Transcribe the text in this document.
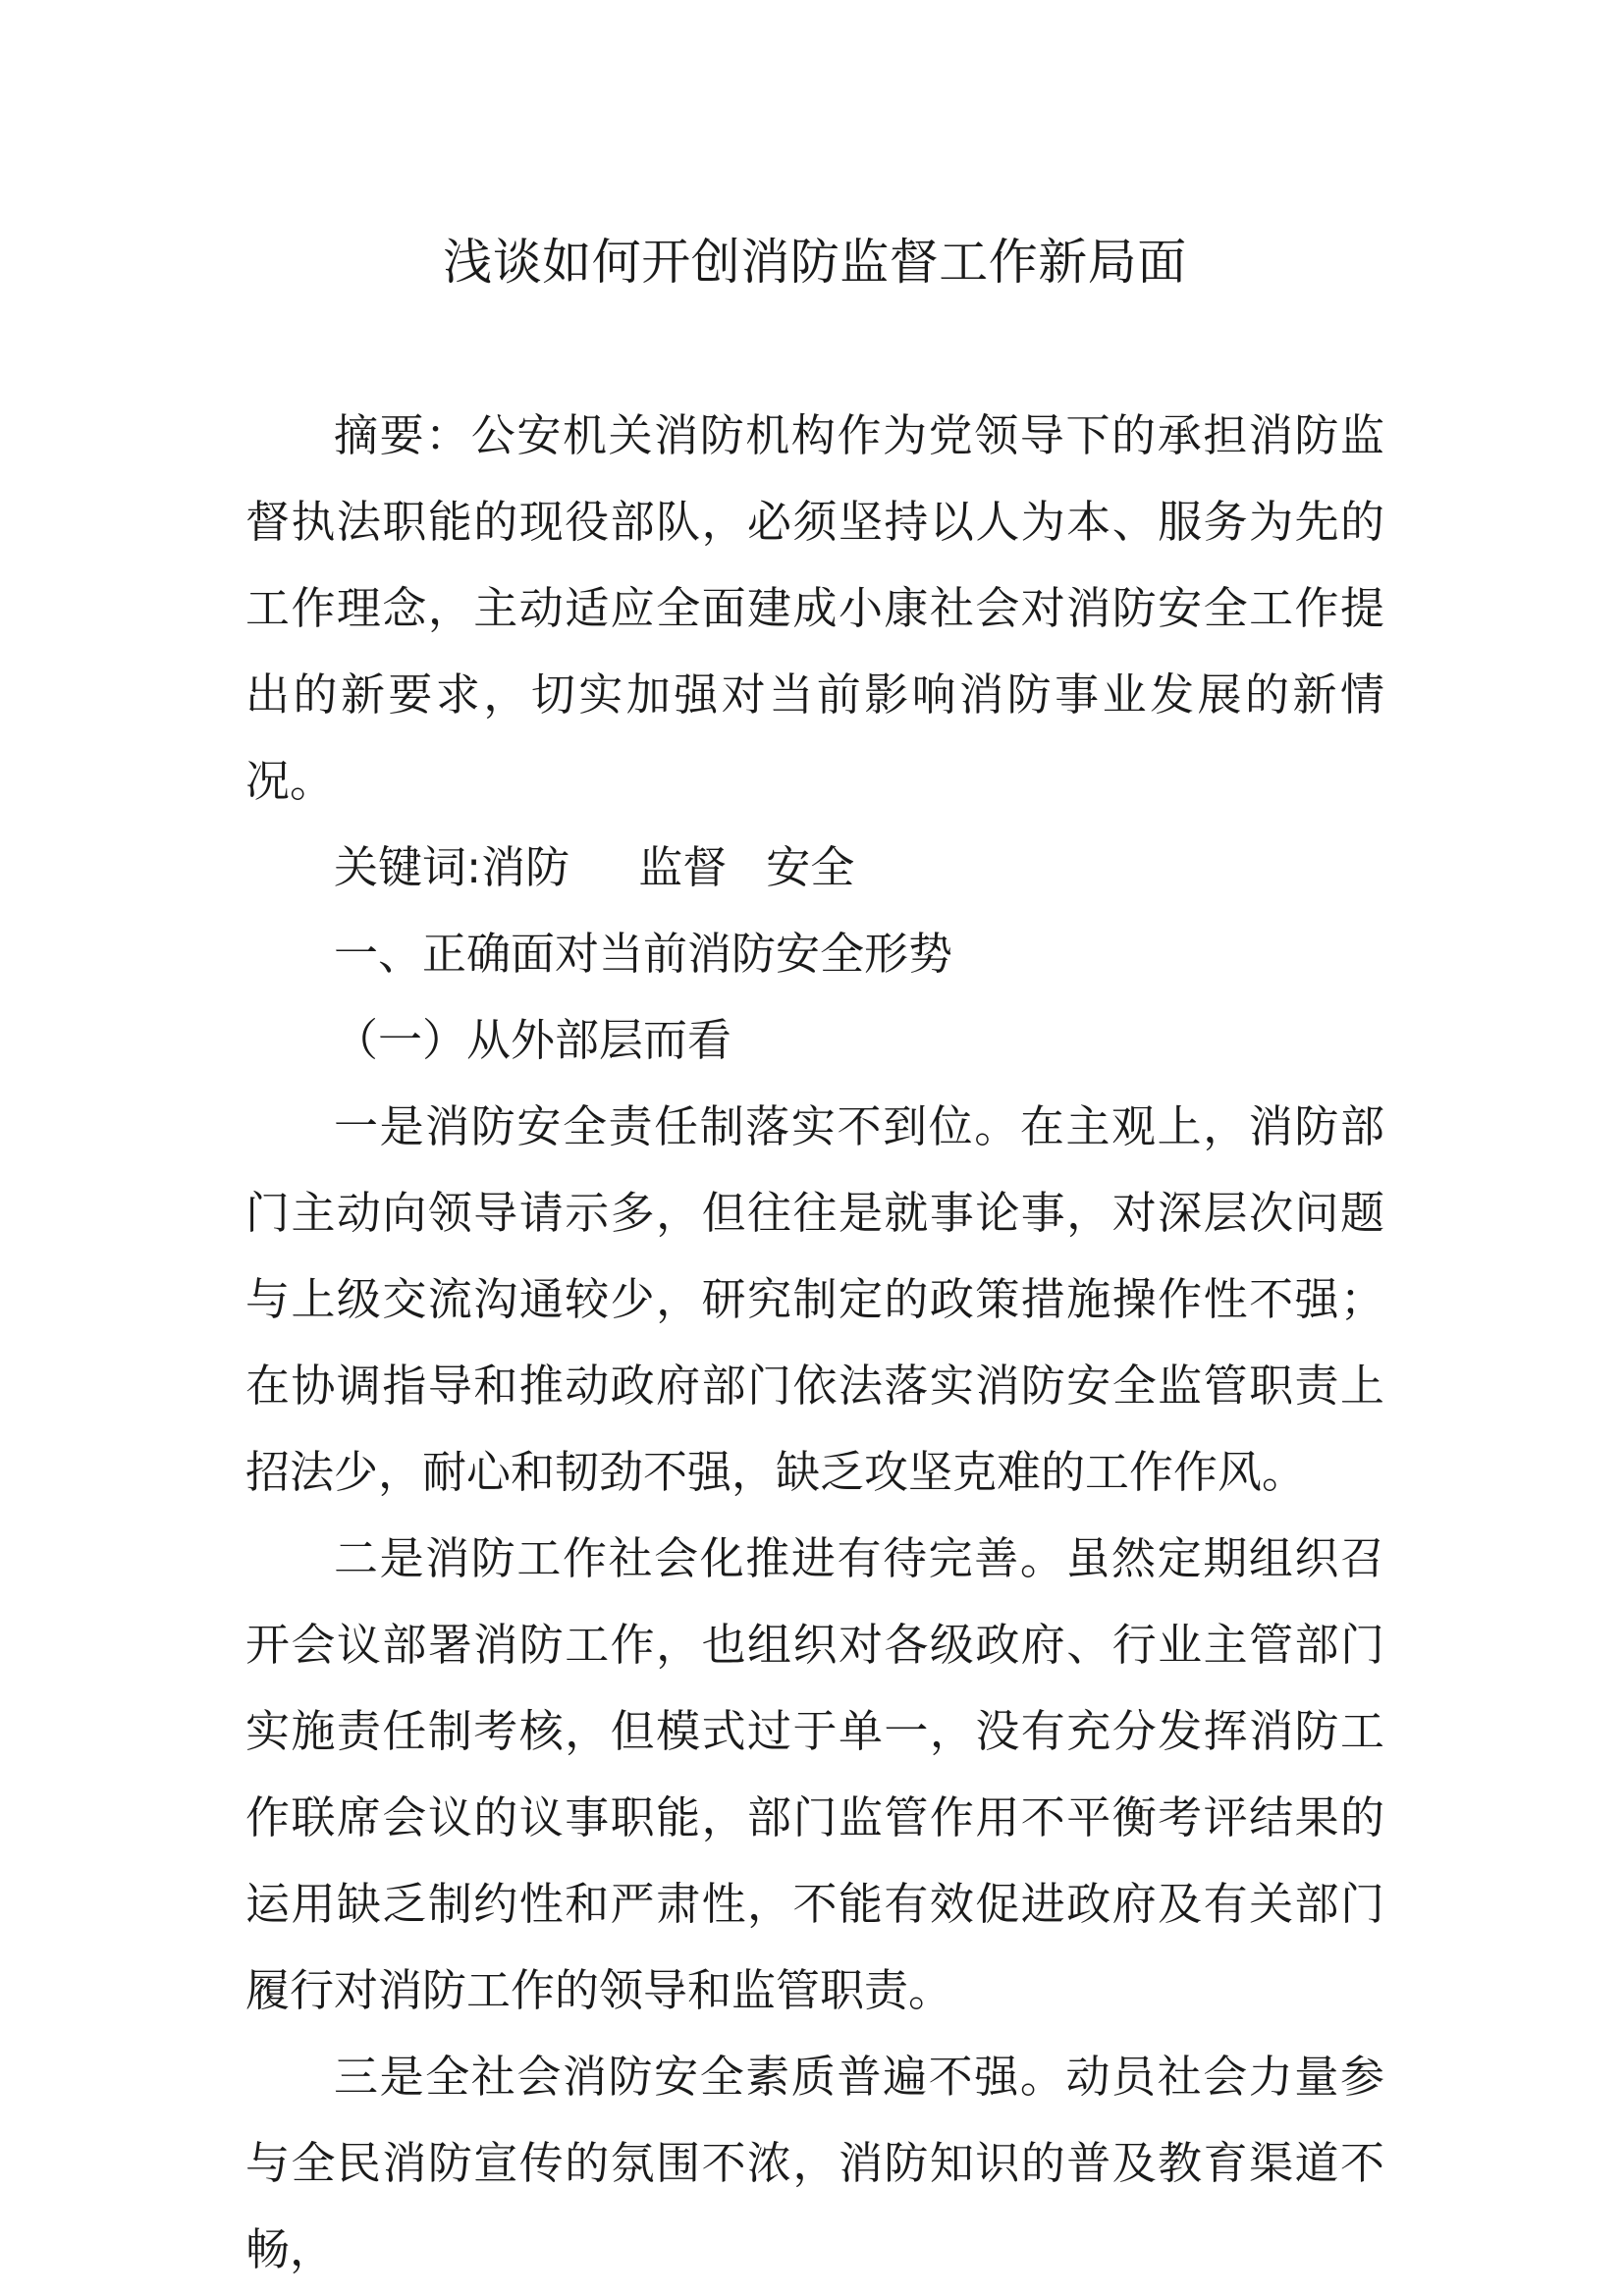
浅谈如何开创消防监督工作新局面

摘要：公安机关消防机构作为党领导下的承担消防监督执法职能的现役部队，必须坚持以人为本、服务为先的工作理念，主动适应全面建成小康社会对消防安全工作提出的新要求，切实加强对当前影响消防事业发展的新情况。

关键词:消防 监督 安全

一、正确面对当前消防安全形势

（一）从外部层而看

一是消防安全责任制落实不到位。在主观上，消防部门主动向领导请示多，但往往是就事论事，对深层次问题与上级交流沟通较少，研究制定的政策措施操作性不强；在协调指导和推动政府部门依法落实消防安全监管职责上招法少，耐心和韧劲不强，缺乏攻坚克难的工作作风。

二是消防工作社会化推进有待完善。虽然定期组织召开会议部署消防工作，也组织对各级政府、行业主管部门实施责任制考核，但模式过于单一，没有充分发挥消防工作联席会议的议事职能，部门监管作用不平衡考评结果的运用缺乏制约性和严肃性，不能有效促进政府及有关部门履行对消防工作的领导和监管职责。

三是全社会消防安全素质普遍不强。动员社会力量参与全民消防宣传的氛围不浓，消防知识的普及教育渠道不畅，
